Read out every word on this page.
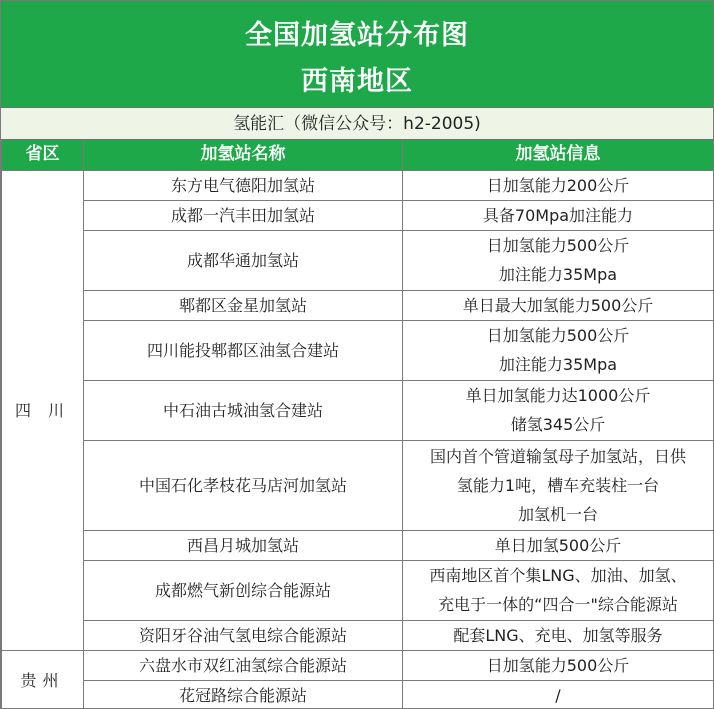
全国加氢站分布图
西南地区
氢能汇（微信公众号：h2-2005)
省区	加氢站名称	加氢站信息
四 川	东方电气德阳加氢站	日加氢能力200公斤

	成都一汽丰田加氢站	具备70Mpa加注能力

	成都华通加氢站	日加氢能力500公斤
加注能力35Mpa

	郫都区金星加氢站	单日最大加氢能力500公斤

	四川能投郫都区油氢合建站	日加氢能力500公斤
加注能力35Mpa

	中石油古城油氢合建站	单日加氢能力达1000公斤
储氢345公斤

	中国石化孝枝花马店河加氢站	国内首个管道输氢母子加氢站，日供
氢能力1吨，槽车充装柱一台
加氢机一台

	西昌月城加氢站	单日加氢500公斤

	成都燃气新创综合能源站	西南地区首个集LNG、加油、加氢、
充电于一体的“四合一"综合能源站

	资阳牙谷油气氢电综合能源站	配套LNG、充电、加氢等服务

贵州	六盘水市双红油氢综合能源站	日加氢能力500公斤

	花冠路综合能源站	/
